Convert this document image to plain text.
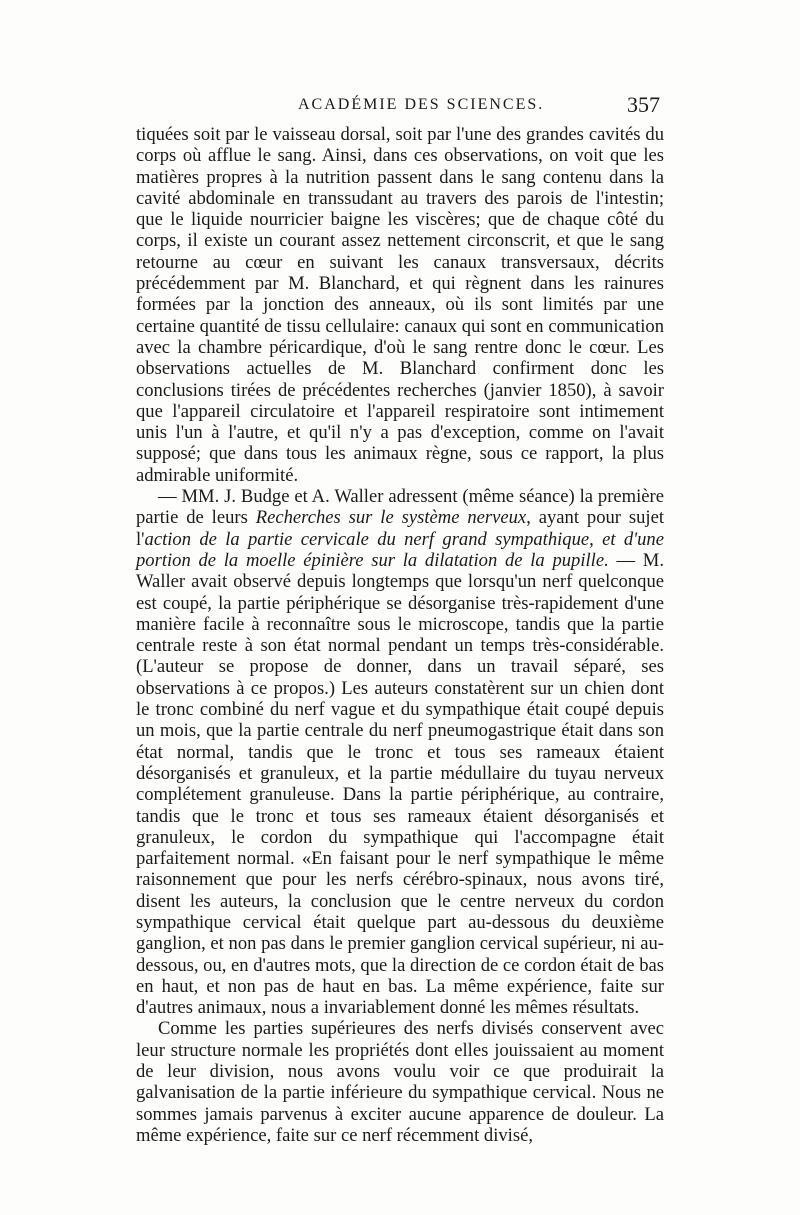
ACADÉMIE DES SCIENCES.	357

tiquées soit par le vaisseau dorsal, soit par l'une des grandes cavités du corps où afflue le sang. Ainsi, dans ces observations, on voit que les matières propres à la nutrition passent dans le sang contenu dans la cavité abdominale en transsudant au travers des parois de l'intestin; que le liquide nourricier baigne les viscères; que de chaque côté du corps, il existe un courant assez nettement circonscrit, et que le sang retourne au cœur en suivant les canaux transversaux, décrits précédemment par M. Blanchard, et qui règnent dans les rainures formées par la jonction des anneaux, où ils sont limités par une certaine quantité de tissu cellulaire: canaux qui sont en communication avec la chambre péricardique, d'où le sang rentre donc le cœur. Les observations actuelles de M. Blanchard confirment donc les conclusions tirées de précédentes recherches (janvier 1850), à savoir que l'appareil circulatoire et l'appareil respiratoire sont intimement unis l'un à l'autre, et qu'il n'y a pas d'exception, comme on l'avait supposé; que dans tous les animaux règne, sous ce rapport, la plus admirable uniformité.

— MM. J. Budge et A. Waller adressent (même séance) la première partie de leurs Recherches sur le système nerveux, ayant pour sujet l'action de la partie cervicale du nerf grand sympathique, et d'une portion de la moelle épinière sur la dilatation de la pupille. — M. Waller avait observé depuis longtemps que lorsqu'un nerf quelconque est coupé, la partie périphérique se désorganise très-rapidement d'une manière facile à reconnaître sous le microscope, tandis que la partie centrale reste à son état normal pendant un temps très-considérable. (L'auteur se propose de donner, dans un travail séparé, ses observations à ce propos.) Les auteurs constatèrent sur un chien dont le tronc combiné du nerf vague et du sympathique était coupé depuis un mois, que la partie centrale du nerf pneumogastrique était dans son état normal, tandis que le tronc et tous ses rameaux étaient désorganisés et granuleux, et la partie médullaire du tuyau nerveux complétement granuleuse. Dans la partie périphérique, au contraire, tandis que le tronc et tous ses rameaux étaient désorganisés et granuleux, le cordon du sympathique qui l'accompagne était parfaitement normal. «En faisant pour le nerf sympathique le même raisonnement que pour les nerfs cérébro-spinaux, nous avons tiré, disent les auteurs, la conclusion que le centre nerveux du cordon sympathique cervical était quelque part au-dessous du deuxième ganglion, et non pas dans le premier ganglion cervical supérieur, ni au-dessous, ou, en d'autres mots, que la direction de ce cordon était de bas en haut, et non pas de haut en bas. La même expérience, faite sur d'autres animaux, nous a invariablement donné les mêmes résultats.

Comme les parties supérieures des nerfs divisés conservent avec leur structure normale les propriétés dont elles jouissaient au moment de leur division, nous avons voulu voir ce que produirait la galvanisation de la partie inférieure du sympathique cervical. Nous ne sommes jamais parvenus à exciter aucune apparence de douleur. La même expérience, faite sur ce nerf récemment divisé,
